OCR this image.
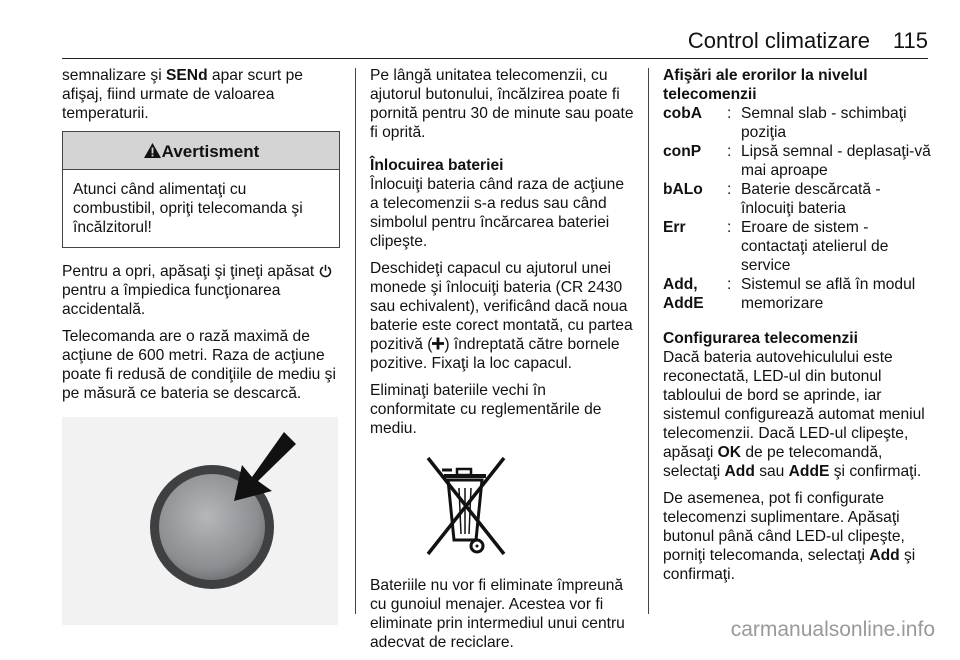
Control climatizare	115

semnalizare şi SENd apar scurt pe afişaj, fiind urmate de valoarea temperaturii.

Avertisment
Atunci când alimentaţi cu combustibil, opriţi telecomanda şi încălzitorul!

Pentru a opri, apăsaţi şi ţineţi apăsat  pentru a împiedica funcţionarea accidentală.

Telecomanda are o rază maximă de acţiune de 600 metri. Raza de acţiune poate fi redusă de condiţiile de mediu şi pe măsură ce bateria se descarcă.

Pe lângă unitatea telecomenzii, cu ajutorul butonului, încălzirea poate fi pornită pentru 30 de minute sau poate fi oprită.

Înlocuirea bateriei

Înlocuiţi bateria când raza de acţiune a telecomenzii s-a redus sau când simbolul pentru încărcarea bateriei clipeşte.

Deschideţi capacul cu ajutorul unei monede şi înlocuiţi bateria (CR 2430 sau echivalent), verificând dacă noua baterie este corect montată, cu partea pozitivă ( ) îndreptată către bornele pozitive. Fixaţi la loc capacul.

Eliminaţi bateriile vechi în conformitate cu reglementările de mediu.

Bateriile nu vor fi eliminate împreună cu gunoiul menajer. Acestea vor fi eliminate prin intermediul unui centru adecvat de reciclare.

Afişări ale erorilor la nivelul telecomenzii
cobA	:	Semnal slab - schimbaţi poziţia
conP	:	Lipsă semnal - deplasaţi-vă mai aproape
bALo	:	Baterie descărcată - înlocuiţi bateria
Err	:	Eroare de sistem - contactaţi atelierul de service
Add, AddE	:	Sistemul se află în modul memorizare
Configurarea telecomenzii

Dacă bateria autovehiculului este reconectată, LED-ul din butonul tabloului de bord se aprinde, iar sistemul configurează automat meniul telecomenzii. Dacă LED-ul clipeşte, apăsaţi OK de pe telecomandă, selectaţi Add sau AddE şi confirmaţi.

De asemenea, pot fi configurate telecomenzi suplimentare. Apăsaţi butonul până când LED-ul clipeşte, porniţi telecomanda, selectaţi Add şi confirmaţi.

carmanualsonline.info
